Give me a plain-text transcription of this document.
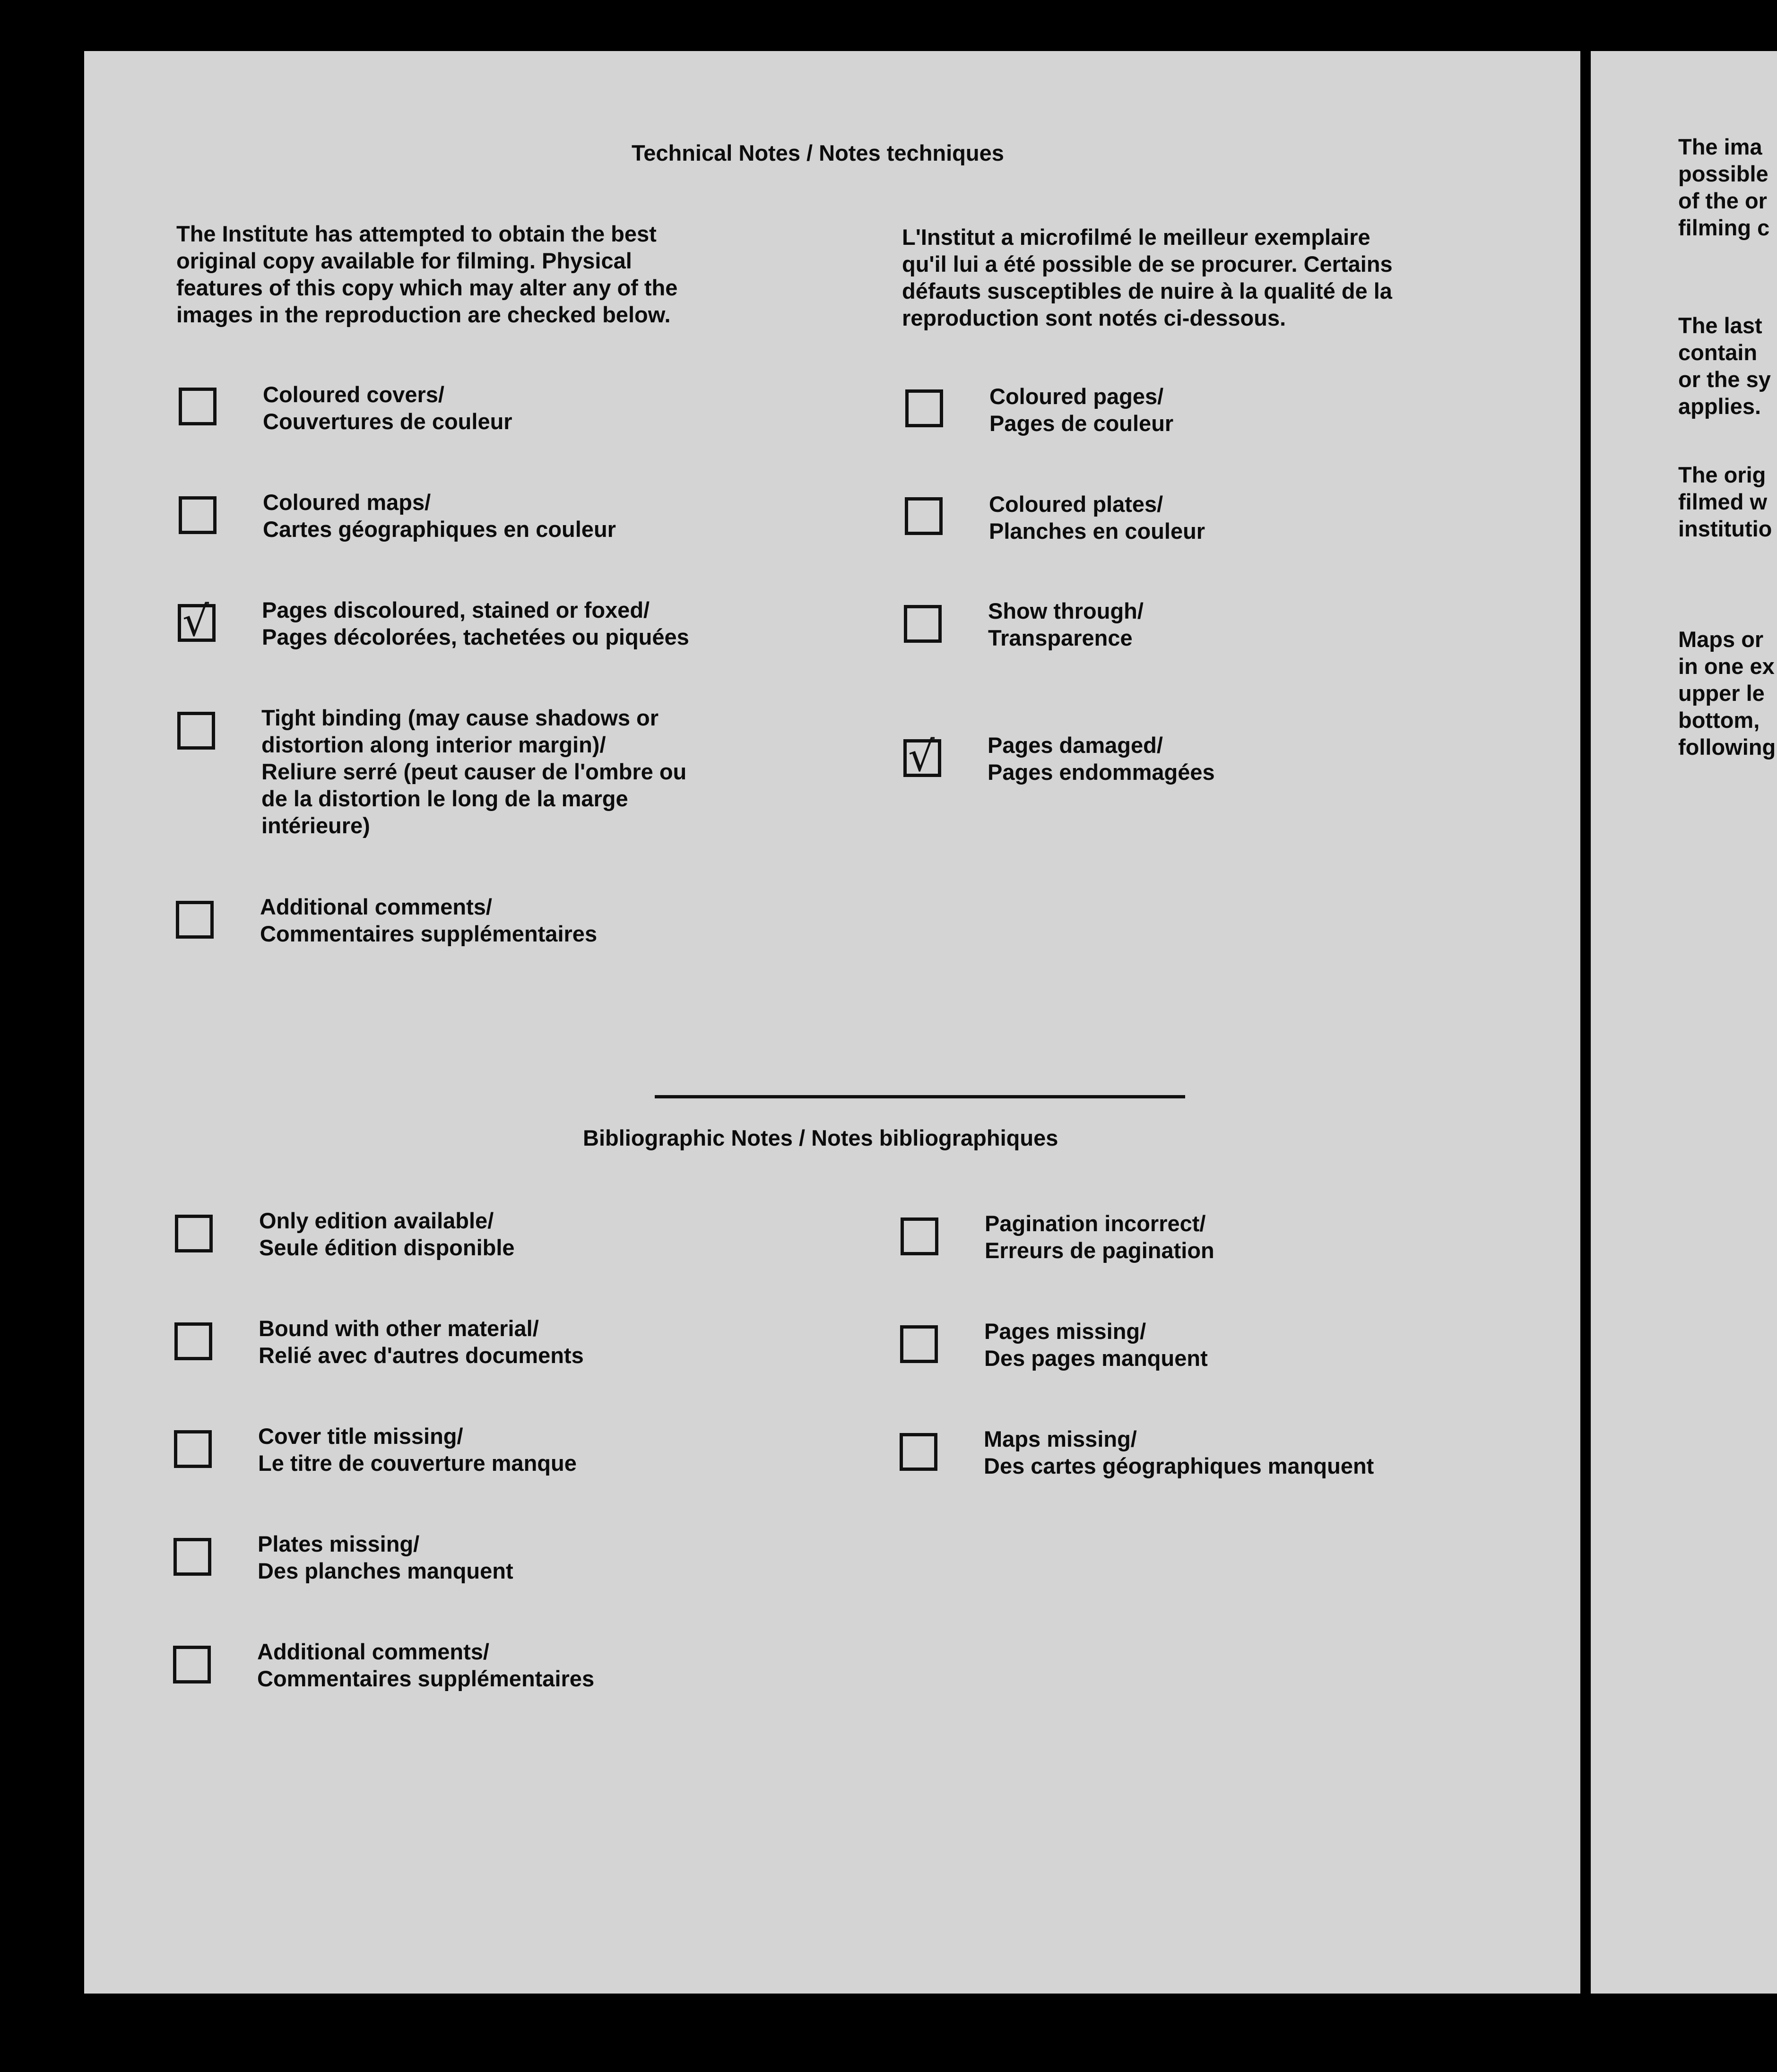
Technical Notes / Notes techniques
The Institute has attempted to obtain the best
original copy available for filming. Physical
features of this copy which may alter any of the
images in the reproduction are checked below.
L'Institut a microfilmé le meilleur exemplaire
qu'il lui a été possible de se procurer. Certains
défauts susceptibles de nuire à la qualité de la
reproduction sont notés ci-dessous.
Coloured covers/
Couvertures de couleur
Coloured maps/
Cartes géographiques en couleur
√ Pages discoloured, stained or foxed/
Pages décolorées, tachetées ou piquées
Tight binding (may cause shadows or
distortion along interior margin)/
Reliure serré (peut causer de l'ombre ou
de la distortion le long de la marge
intérieure)
Additional comments/
Commentaires supplémentaires
Coloured pages/
Pages de couleur
Coloured plates/
Planches en couleur
Show through/
Transparence
√ Pages damaged/
Pages endommagées
Bibliographic Notes / Notes bibliographiques
Only edition available/
Seule édition disponible
Bound with other material/
Relié avec d'autres documents
Cover title missing/
Le titre de couverture manque
Plates missing/
Des planches manquent
Additional comments/
Commentaires supplémentaires
Pagination incorrect/
Erreurs de pagination
Pages missing/
Des pages manquent
Maps missing/
Des cartes géographiques manquent
The ima
possible
of the or
filming c
The last
contain
or the sy
applies.
The orig
filmed w
institutio
Maps or
in one ex
upper le
bottom,
following
